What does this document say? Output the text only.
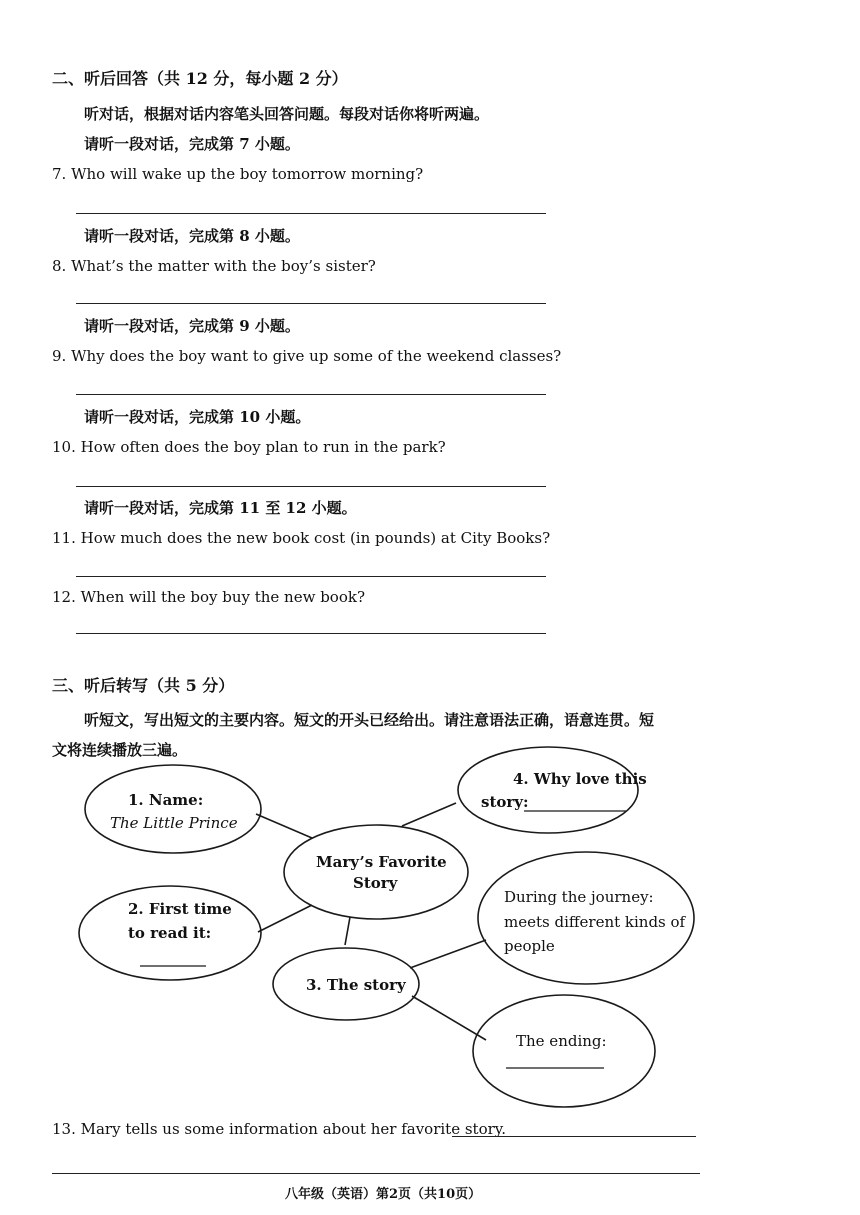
二、听后回答（共 12 分，每小题 2 分）
听对话，根据对话内容笔头回答问题。每段对话你将听两遍。
请听一段对话，完成第 7 小题。
7. Who will wake up the boy tomorrow morning?
请听一段对话，完成第 8 小题。
8. What’s the matter with the boy’s sister?
请听一段对话，完成第 9 小题。
9. Why does the boy want to give up some of the weekend classes?
请听一段对话，完成第 10 小题。
10. How often does the boy plan to run in the park?
请听一段对话，完成第 11 至 12 小题。
11. How much does the new book cost (in pounds) at City Books?
12. When will the boy buy the new book?
三、听后转写（共 5 分）
听短文，写出短文的主要内容。短文的开头已经给出。请注意语法正确，语意连贯。短
文将连续播放三遍。
1. Name:
The Little Prince
4. Why love this
story:
Mary’s Favorite
Story
2. First time
to read it:
During the journey:
meets different kinds of
people
3. The story
The ending:
13. Mary tells us some information about her favorite story.
八年级（英语）第2页（共10页）
